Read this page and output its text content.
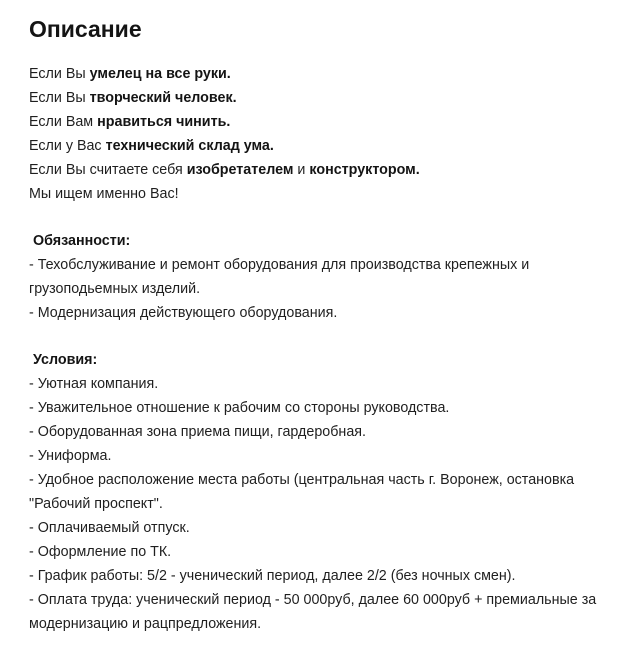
Описание
Если Вы умелец на все руки.
Если Вы творческий человек.
Если Вам нравиться чинить.
Если у Вас технический склад ума.
Если Вы считаете себя изобретателем и конструктором.
Мы ищем именно Вас!
Обязанности:
- Техобслуживание и ремонт оборудования для производства крепежных и грузоподьемных изделий.
- Модернизация действующего оборудования.
Условия:
- Уютная компания.
- Уважительное отношение к рабочим со стороны руководства.
- Оборудованная зона приема пищи, гардеробная.
- Униформа.
- Удобное расположение места работы (центральная часть г. Воронеж, остановка "Рабочий проспект".
- Оплачиваемый отпуск.
- Оформление по ТК.
- График работы: 5/2 - ученический период, далее 2/2 (без ночных смен).
- Оплата труда: ученический период - 50 000руб, далее 60 000руб + премиальные за модернизацию и рацпредложения.
